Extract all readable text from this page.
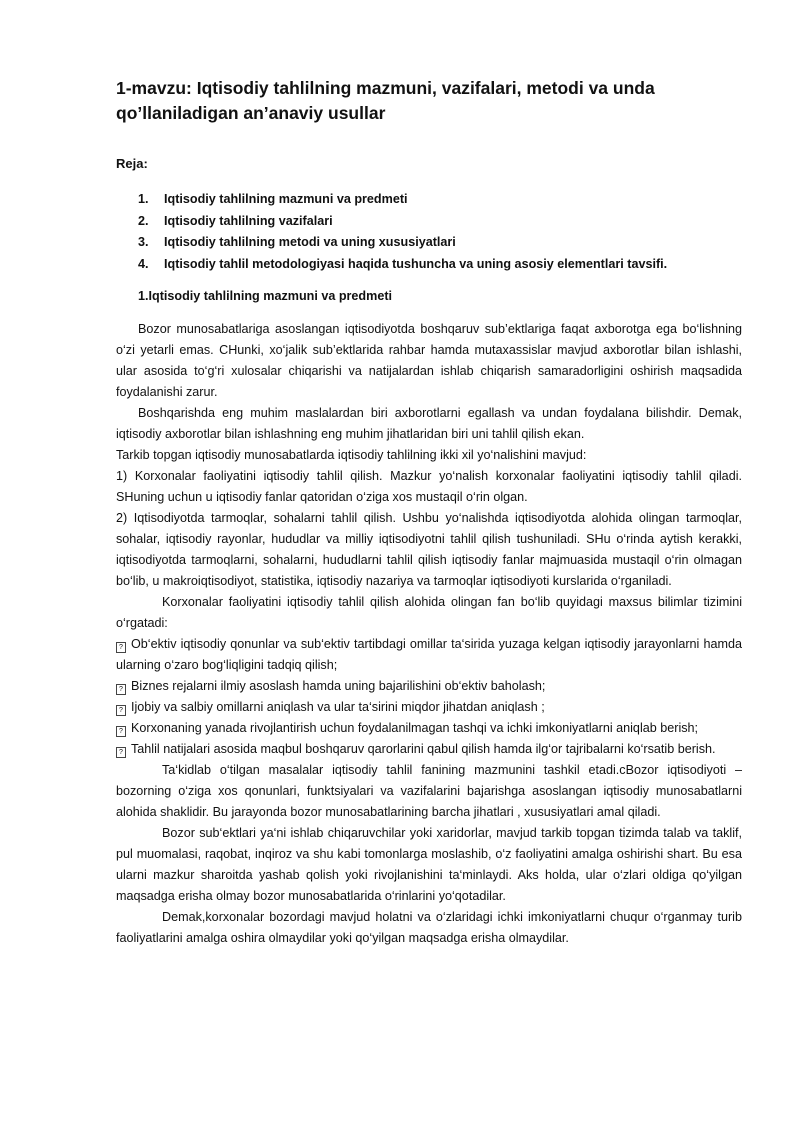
1-mavzu: Iqtisodiy tahlilning mazmuni, vazifalari, metodi va unda qo’llaniladigan an’anaviy usullar
Reja:
1. Iqtisodiy tahlilning mazmuni va predmeti
2. Iqtisodiy tahlilning vazifalari
3. Iqtisodiy tahlilning metodi va uning xususiyatlari
4. Iqtisodiy tahlil metodologiyasi haqida tushuncha va uning asosiy elementlari tavsifi.
1.Iqtisodiy tahlilning mazmuni va predmeti

Bozor munosabatlariga asoslangan iqtisodiyotda boshqaruv sub’ektlariga faqat axborotga ega bo‘lishning o‘zi yetarli emas. CHunki, xo‘jalik sub’ektlarida rahbar hamda mutaxassislar mavjud axborotlar bilan ishlashi, ular asosida to‘g‘ri xulosalar chiqarishi va natijalardan ishlab chiqarish samaradorligini oshirish maqsadida foydalanishi zarur.

Boshqarishda eng muhim maslalardan biri axborotlarni egallash va undan foydalana bilishdir. Demak, iqtisodiy axborotlar bilan ishlashning eng muhim jihatlaridan biri uni tahlil qilish ekan.

Tarkib topgan iqtisodiy munosabatlarda iqtisodiy tahlilning ikki xil yo‘nalishini mavjud:

1) Korxonalar faoliyatini iqtisodiy tahlil qilish. Mazkur yo‘nalish korxonalar faoliyatini iqtisodiy tahlil qiladi. SHuning uchun u iqtisodiy fanlar qatoridan o‘ziga xos mustaqil o‘rin olgan.

2) Iqtisodiyotda tarmoqlar, sohalarni tahlil qilish. Ushbu yo‘nalishda iqtisodiyotda alohida olingan tarmoqlar, sohalar, iqtisodiy rayonlar, hududlar va milliy iqtisodiyotni tahlil qilish tushuniladi. SHu o‘rinda aytish kerakki, iqtisodiyotda tarmoqlarni, sohalarni, hududlarni tahlil qilish iqtisodiy fanlar majmuasida mustaqil o‘rin olmagan bo‘lib, u makroiqtisodiyot, statistika, iqtisodiy nazariya va tarmoqlar iqtisodiyoti kurslarida o‘rganiladi.

Korxonalar faoliyatini iqtisodiy tahlil qilish alohida olingan fan bo‘lib quyidagi maxsus bilimlar tizimini o‘rgatadi:

? Ob‘ektiv iqtisodiy qonunlar va sub‘ektiv tartibdagi omillar ta‘sirida yuzaga kelgan iqtisodiy jarayonlarni hamda ularning o‘zaro bog‘liqligini tadqiq qilish;

? Biznes rejalarni ilmiy asoslash hamda uning bajarilishini ob‘ektiv baholash;

? Ijobiy va salbiy omillarni aniqlash va ular ta‘sirini miqdor jihatdan aniqlash ;

? Korxonaning yanada rivojlantirish uchun foydalanilmagan tashqi va ichki imkoniyatlarni aniqlab berish;

? Tahlil natijalari asosida maqbul boshqaruv qarorlarini qabul qilish hamda ilg‘or tajribalarni ko‘rsatib berish.

Ta‘kidlab o‘tilgan masalalar iqtisodiy tahlil fanining mazmunini tashkil etadi.cBozor iqtisodiyoti – bozorning o‘ziga xos qonunlari, funktsiyalari va vazifalarini bajarishga asoslangan iqtisodiy munosabatlarni alohida shaklidir. Bu jarayonda bozor munosabatlarining barcha jihatlari , xususiyatlari amal qiladi.

Bozor sub‘ektlari ya‘ni ishlab chiqaruvchilar yoki xaridorlar, mavjud tarkib topgan tizimda talab va taklif, pul muomalasi, raqobat, inqiroz va shu kabi tomonlarga moslashib, o‘z faoliyatini amalga oshirishi shart. Bu esa ularni mazkur sharoitda yashab qolish yoki rivojlanishini ta‘minlaydi. Aks holda, ular o‘zlari oldiga qo‘yilgan maqsadga erisha olmay bozor munosabatlarida o‘rinlarini yo‘qotadilar.

Demak,korxonalar bozordagi mavjud holatni va o‘zlaridagi ichki imkoniyatlarni chuqur o‘rganmay turib faoliyatlarini amalga oshira olmaydilar yoki qo‘yilgan maqsadga erisha olmaydilar.
